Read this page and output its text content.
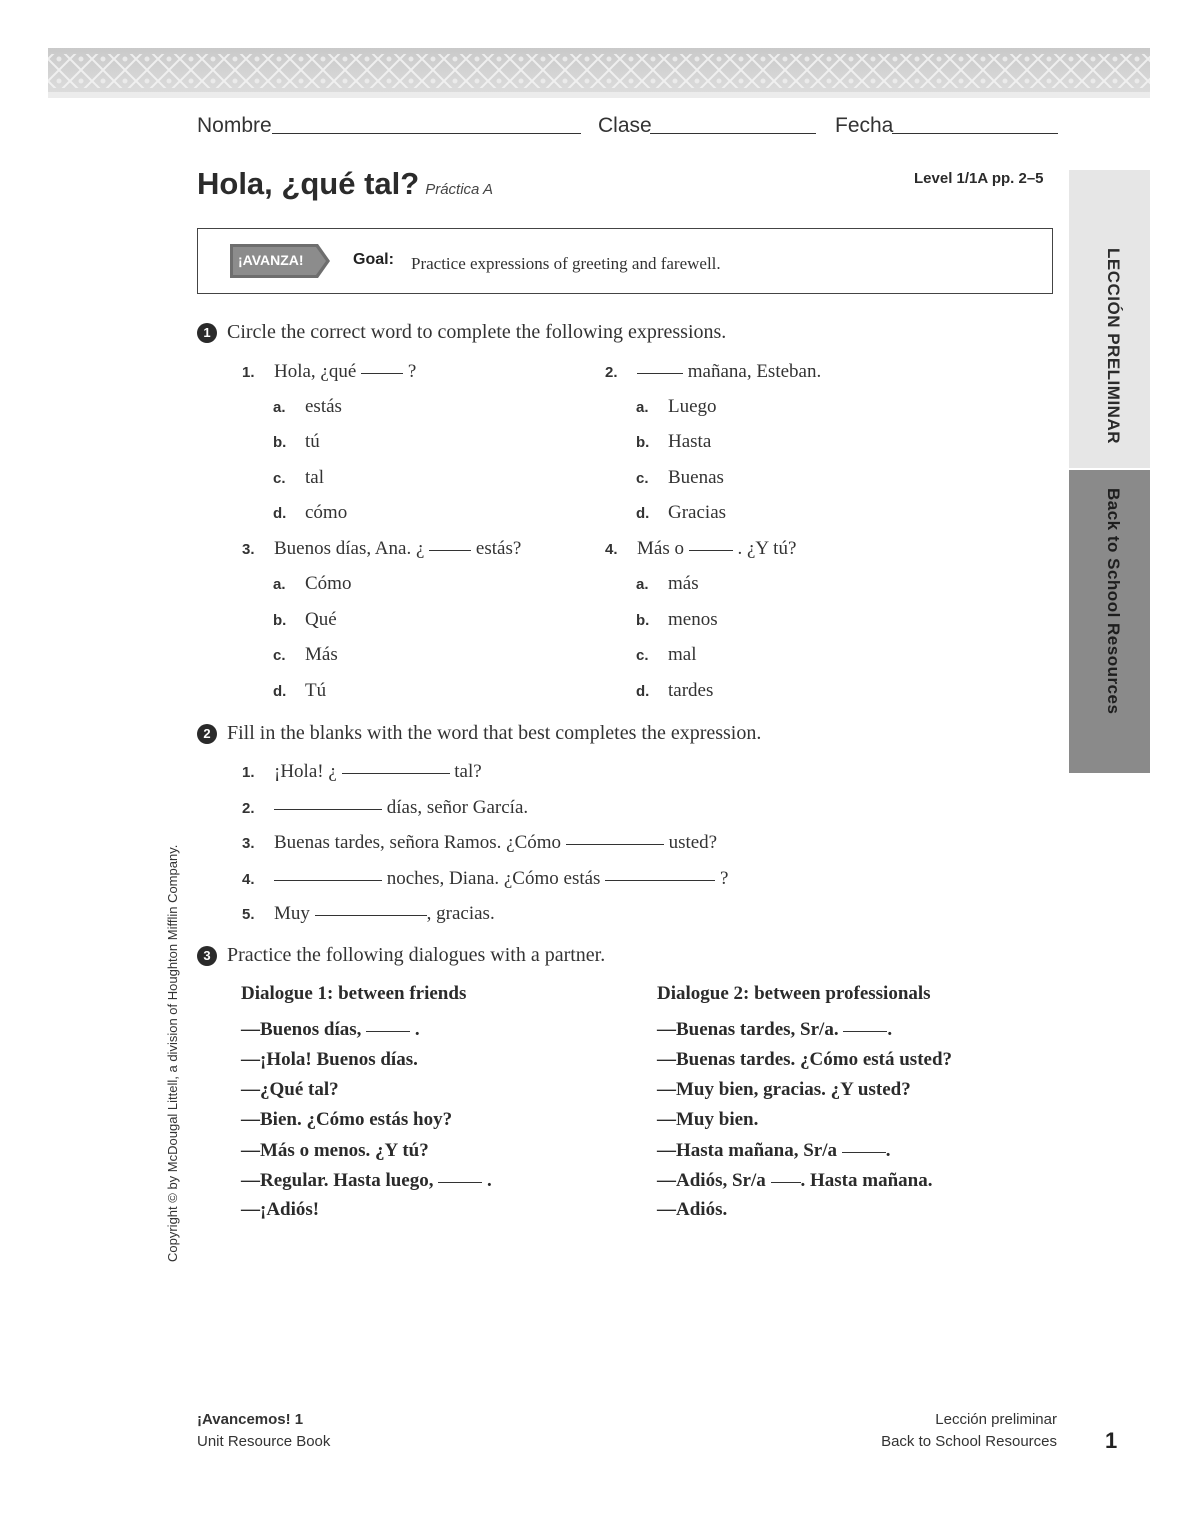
Nombre	Clase	Fecha
Hola, ¿qué tal? Práctica A
Level 1/1A pp. 2–5
¡AVANZA!	Goal: Practice expressions of greeting and farewell.
1 Circle the correct word to complete the following expressions.
1. Hola, ¿qué	?
a. estás
b. tú
c. tal
d. cómo
2.	mañana, Esteban.
a. Luego
b. Hasta
c. Buenas
d. Gracias
3. Buenos días, Ana. ¿	estás?
a. Cómo
b. Qué
c. Más
d. Tú
4. Más o	. ¿Y tú?
a. más
b. menos
c. mal
d. tardes
2 Fill in the blanks with the word that best completes the expression.
1. ¡Hola! ¿	tal?
2.	días, señor García.
3. Buenas tardes, señora Ramos. ¿Cómo	usted?
4.	noches, Diana. ¿Cómo estás	?
5. Muy	, gracias.
3 Practice the following dialogues with a partner.
Dialogue 1: between friends
—Buenos días,	.
—¡Hola! Buenos días.
—¿Qué tal?
—Bien. ¿Cómo estás hoy?
—Más o menos. ¿Y tú?
—Regular. Hasta luego,	.
—¡Adiós!
Dialogue 2: between professionals
—Buenas tardes, Sr/a.	.
—Buenas tardes. ¿Cómo está usted?
—Muy bien, gracias. ¿Y usted?
—Muy bien.
—Hasta mañana, Sr/a	.
—Adiós, Sr/a . Hasta mañana.
—Adiós.
LECCIÓN PRELIMINAR
Back to School Resources
Copyright © by McDougal Littell, a division of Houghton Mifflin Company.
¡Avancemos! 1
Unit Resource Book
Lección preliminar
Back to School Resources 1
